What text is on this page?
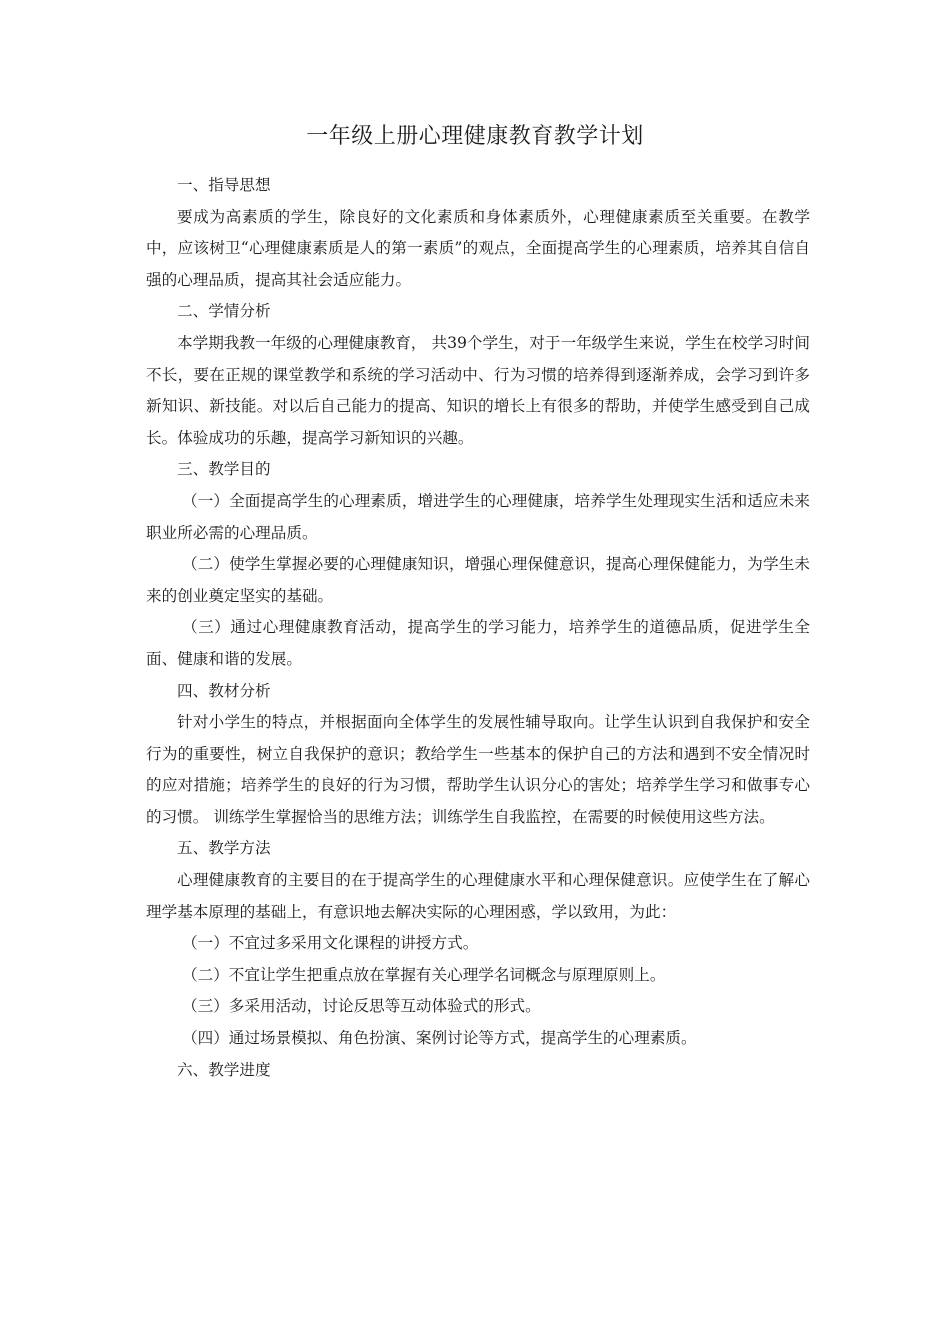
一年级上册心理健康教育教学计划

一、指导思想

要成为高素质的学生，除良好的文化素质和身体素质外，心理健康素质至关重要。在教学中，应该树卫“心理健康素质是人的第一素质”的观点，全面提高学生的心理素质，培养其自信自强的心理品质，提高其社会适应能力。

二、学情分析

本学期我教一年级的心理健康教育， 共39个学生，对于一年级学生来说，学生在校学习时间不长，要在正规的课堂教学和系统的学习活动中、行为习惯的培养得到逐渐养成，会学习到许多新知识、新技能。对以后自己能力的提高、知识的增长上有很多的帮助，并使学生感受到自己成长。体验成功的乐趣，提高学习新知识的兴趣。

三、教学目的

（一）全面提高学生的心理素质，增进学生的心理健康，培养学生处理现实生活和适应未来职业所必需的心理品质。

（二）使学生掌握必要的心理健康知识，增强心理保健意识，提高心理保健能力，为学生未来的创业奠定坚实的基础。

（三）通过心理健康教育活动，提高学生的学习能力，培养学生的道德品质，促进学生全面、健康和谐的发展。

四、教材分析

针对小学生的特点，并根据面向全体学生的发展性辅导取向。让学生认识到自我保护和安全行为的重要性，树立自我保护的意识；教给学生一些基本的保护自己的方法和遇到不安全情况时的应对措施；培养学生的良好的行为习惯，帮助学生认识分心的害处；培养学生学习和做事专心的习惯。 训练学生掌握恰当的思维方法；训练学生自我监控，在需要的时候使用这些方法。

五、教学方法

心理健康教育的主要目的在于提高学生的心理健康水平和心理保健意识。应使学生在了解心理学基本原理的基础上，有意识地去解决实际的心理困惑，学以致用，为此：

（一）不宜过多采用文化课程的讲授方式。

（二）不宜让学生把重点放在掌握有关心理学名词概念与原理原则上。

（三）多采用活动，讨论反思等互动体验式的形式。

（四）通过场景模拟、角色扮演、案例讨论等方式，提高学生的心理素质。

六、教学进度
